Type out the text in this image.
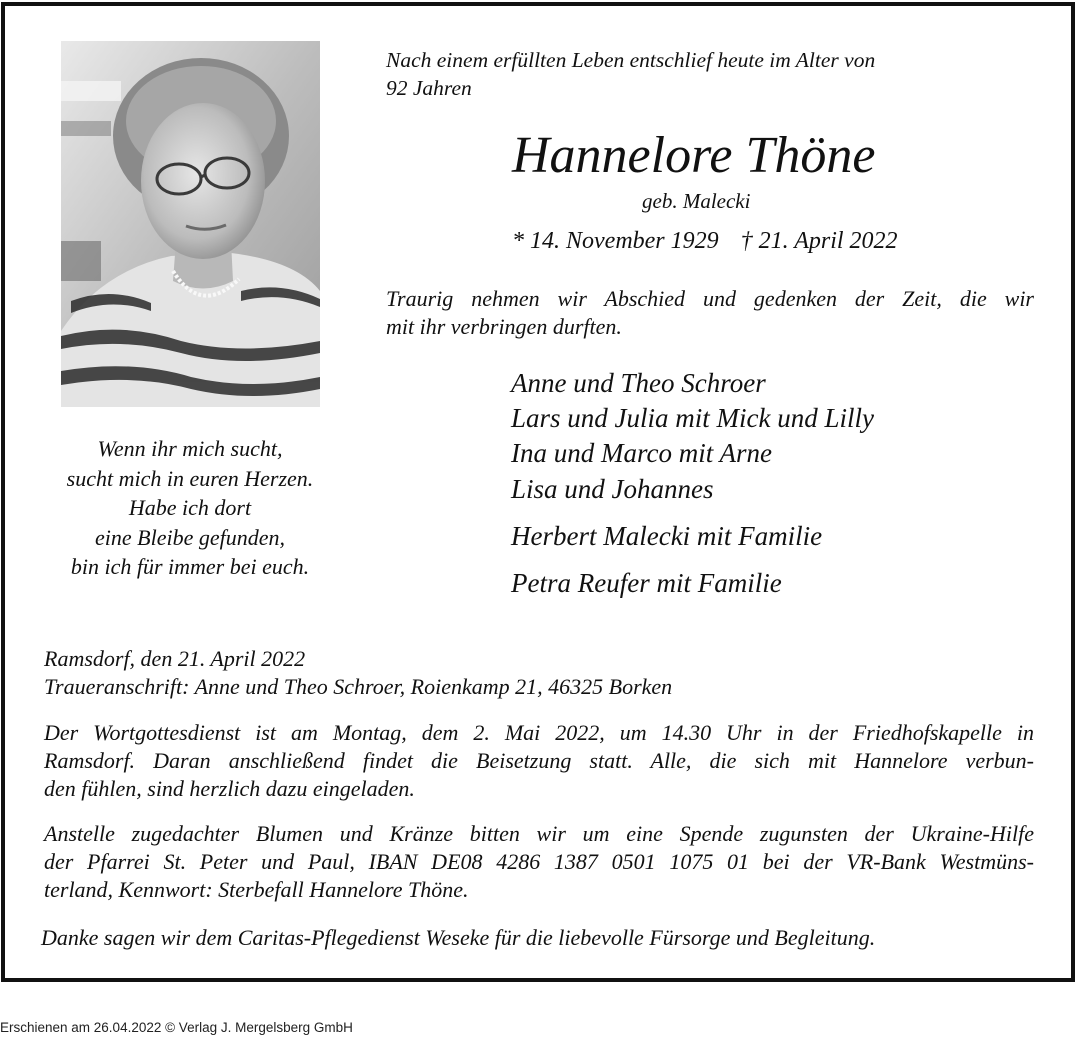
Nach einem erfüllten Leben entschlief heute im Alter von
92 Jahren
Hannelore Thöne
geb. Malecki
* 14. November 1929 † 21. April 2022
Traurig nehmen wir Abschied und gedenken der Zeit, die wir
mit ihr verbringen durften.
Anne und Theo Schroer
Lars und Julia mit Mick und Lilly
Ina und Marco mit Arne
Lisa und Johannes
Herbert Malecki mit Familie
Petra Reufer mit Familie
Wenn ihr mich sucht,
sucht mich in euren Herzen.
Habe ich dort
eine Bleibe gefunden,
bin ich für immer bei euch.
Ramsdorf, den 21. April 2022
Traueranschrift: Anne und Theo Schroer, Roienkamp 21, 46325 Borken
Der Wortgottesdienst ist am Montag, dem 2. Mai 2022, um 14.30 Uhr in der Friedhofskapelle in
Ramsdorf. Daran anschließend findet die Beisetzung statt. Alle, die sich mit Hannelore verbun-
den fühlen, sind herzlich dazu eingeladen.
Anstelle zugedachter Blumen und Kränze bitten wir um eine Spende zugunsten der Ukraine-Hilfe
der Pfarrei St. Peter und Paul, IBAN DE08 4286 1387 0501 1075 01 bei der VR-Bank Westmüns-
terland, Kennwort: Sterbefall Hannelore Thöne.
Danke sagen wir dem Caritas-Pflegedienst Weseke für die liebevolle Fürsorge und Begleitung.
Erschienen am 26.04.2022 © Verlag J. Mergelsberg GmbH
